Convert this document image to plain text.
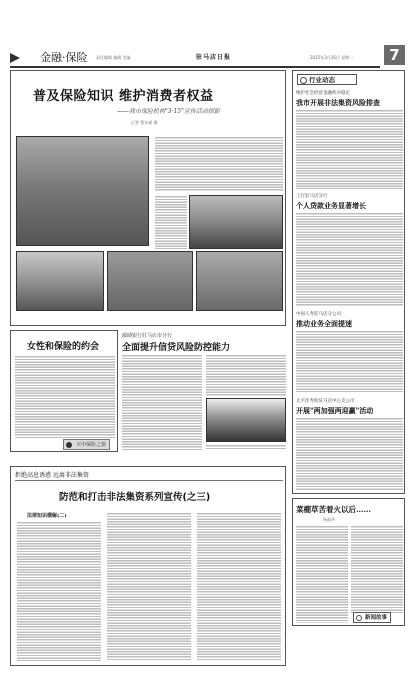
金融·保险 责任编辑 编辑 美编	驻马店日报	2015年3月16日 星期一	7
普及保险知识 维护消费者权益
——我市保险机构"3·15"宣传活动掠影
记者 曹东斌 摄
女性和保险的约会
天中保险之窗
邮储银行驻马店市分行
全面提升信贷风险防控能力
拒绝高息诱惑 远离非法集资
防范和打击非法集资系列宣传(之三)
法律知识横解(二)
行业动态
维护社会经济金融秩序稳定
我市开展非法集资风险排查
工行驻马店分行
个人贷款业务显著增长
中国人寿驻马店分公司
推动业务全面提速
太平洋寿险驻马店中心支公司
开展"两加强两迎赢"活动
菜棚草苦着火以后……
杨福华
新闻故事
